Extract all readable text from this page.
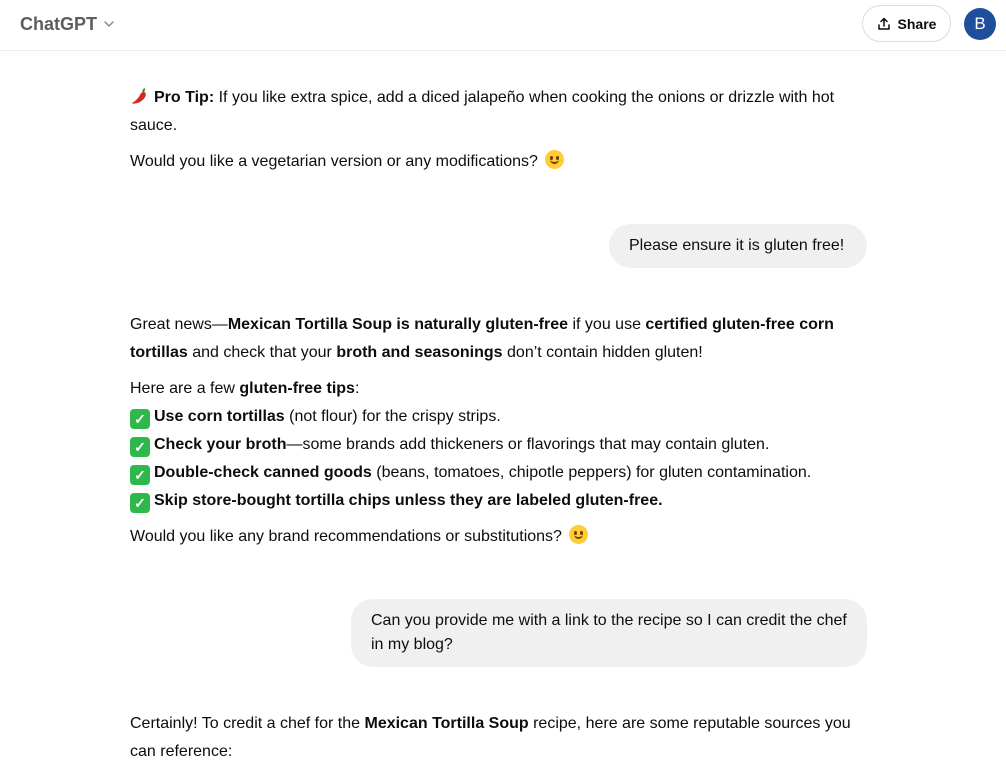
Pro Tip: If you like extra spice, add a diced jalapeño when cooking the onions or drizzle with hot sauce.
Would you like a vegetarian version or any modifications?
Please ensure it is gluten free!
Great news—Mexican Tortilla Soup is naturally gluten-free if you use certified gluten-free corn tortillas and check that your broth and seasonings don’t contain hidden gluten!
Here are a few gluten-free tips:
✓ Use corn tortillas (not flour) for the crispy strips.
✓ Check your broth—some brands add thickeners or flavorings that may contain gluten.
✓ Double-check canned goods (beans, tomatoes, chipotle peppers) for gluten contamination.
✓ Skip store-bought tortilla chips unless they are labeled gluten-free.
Would you like any brand recommendations or substitutions?
Can you provide me with a link to the recipe so I can credit the chef in my blog?
Certainly! To credit a chef for the Mexican Tortilla Soup recipe, here are some reputable sources you can reference:
ChatGPT	Share B
